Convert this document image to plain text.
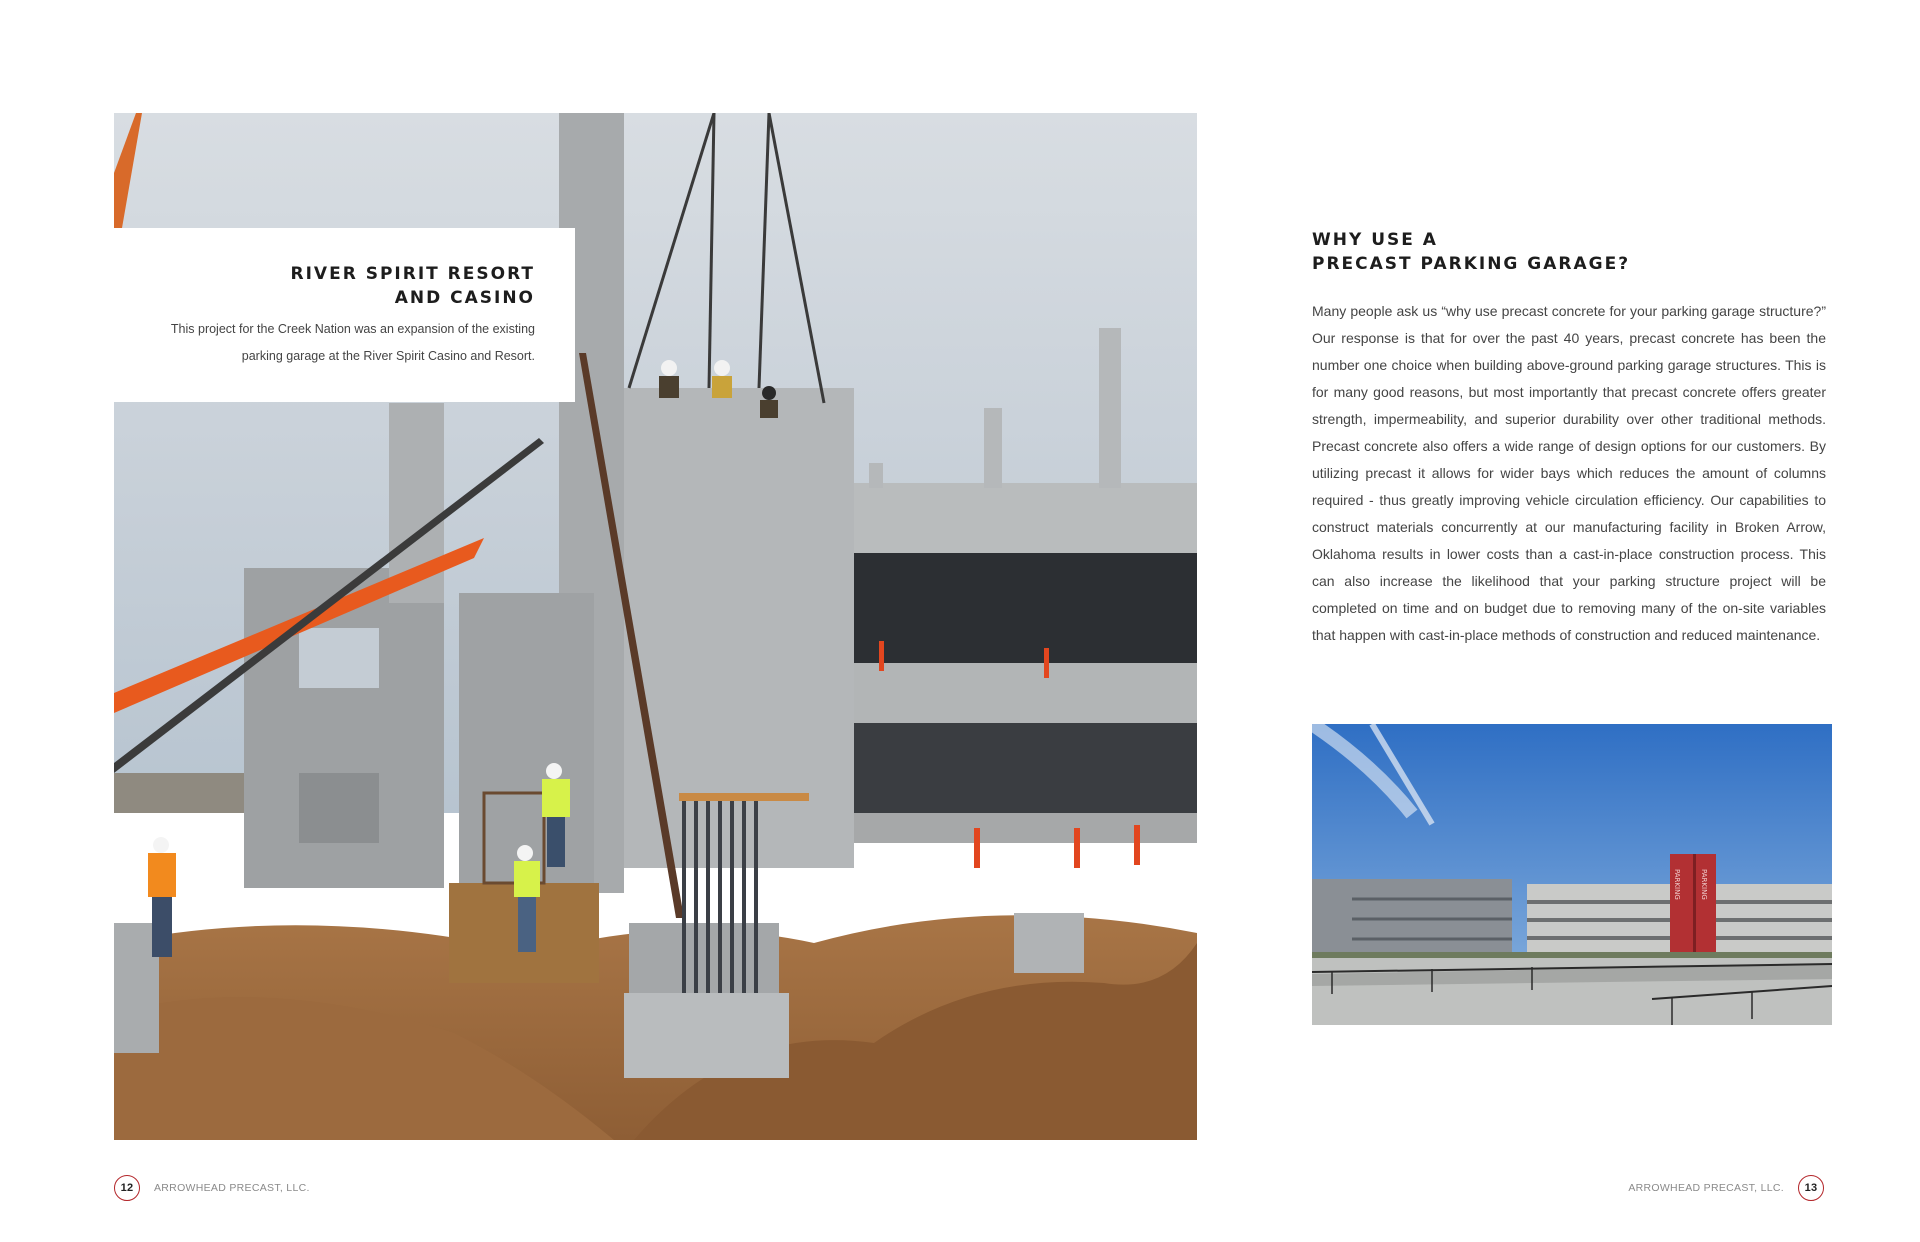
RIVER SPIRIT RESORT
AND CASINO
This project for the Creek Nation was an expansion of the existing parking garage at the River Spirit Casino and Resort.
WHY USE A
PRECAST PARKING GARAGE?
Many people ask us “why use precast concrete for your parking garage structure?” Our response is that for over the past 40 years, precast concrete has been the number one choice when building above-ground parking garage structures. This is for many good reasons, but most importantly that precast concrete offers greater strength, impermeability, and superior durability over other traditional methods. Precast concrete also offers a wide range of design options for our customers. By utilizing precast it allows for wider bays which reduces the amount of columns required - thus greatly improving vehicle circulation efficiency. Our capabilities to construct materials concurrently at our manufacturing facility in Broken Arrow, Oklahoma results in lower costs than a cast-in-place construction process. This can also increase the likelihood that your parking structure project will be completed on time and on budget due to removing many of the on-site variables that happen with cast-in-place methods of construction and reduced maintenance.
PARKING	PARKING
12	ARROWHEAD PRECAST, LLC.	ARROWHEAD PRECAST, LLC.	13
